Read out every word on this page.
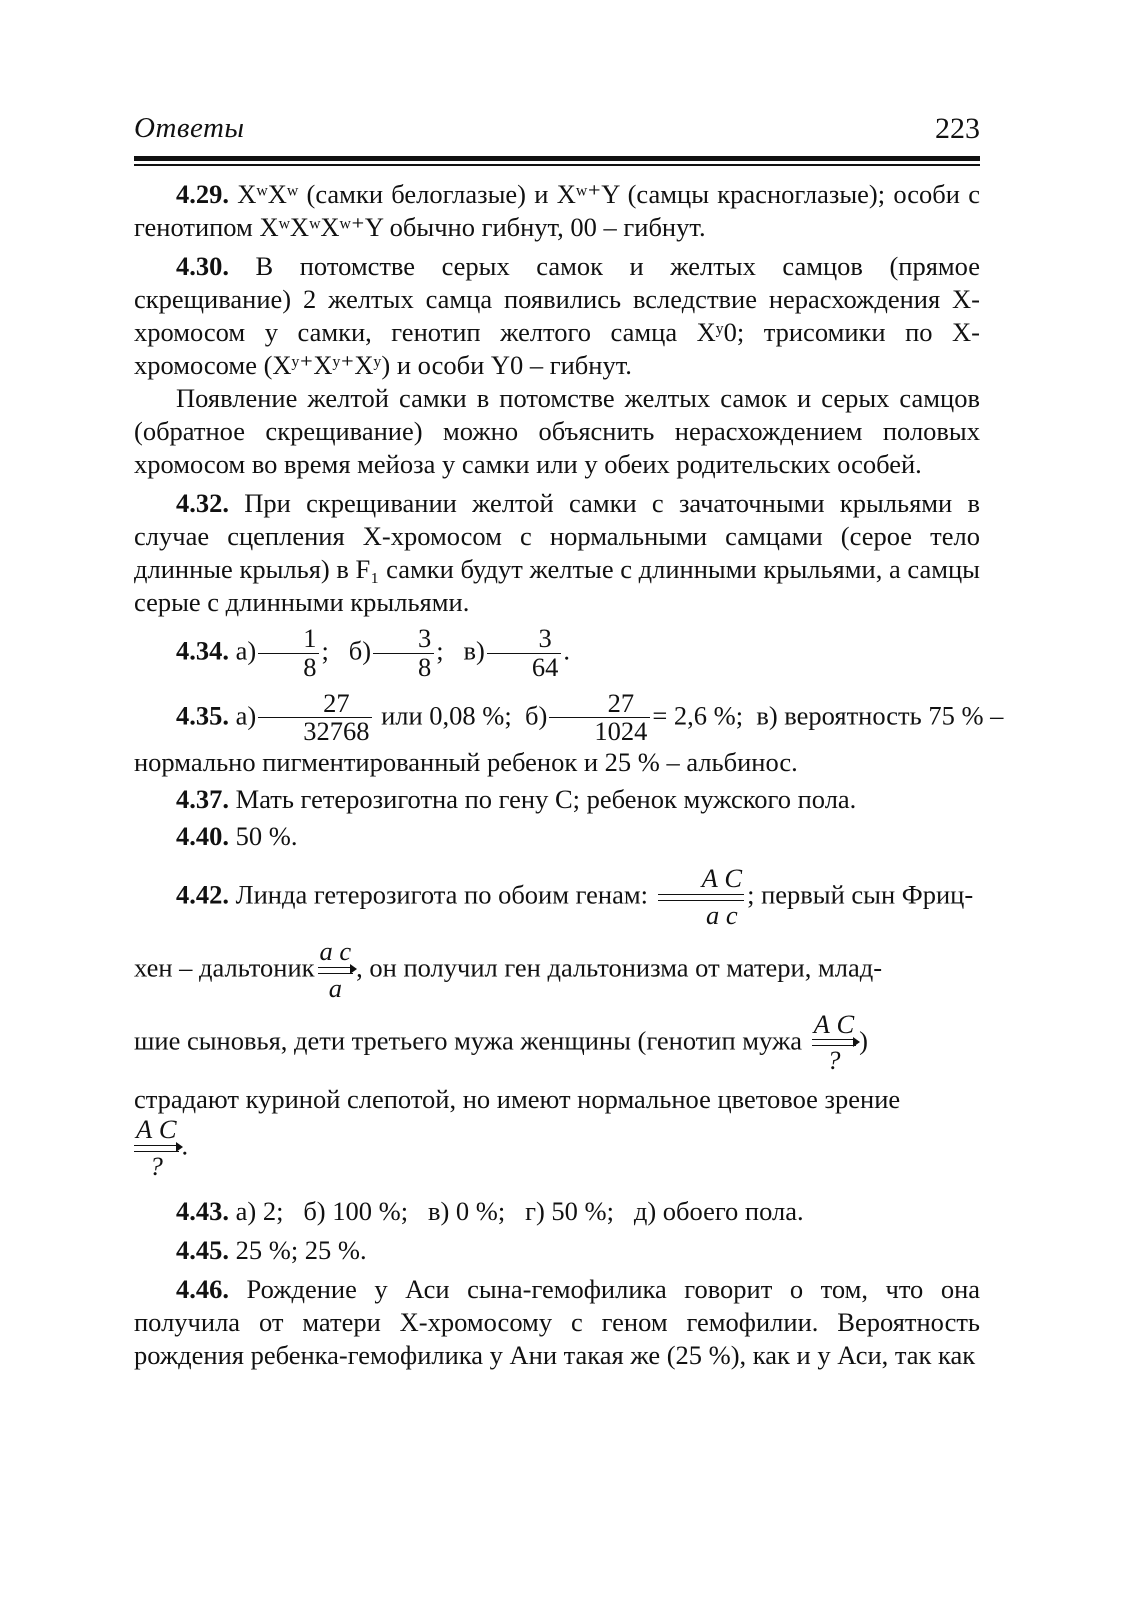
Ответы	223

4.29. XʷXʷ (самки белоглазые) и Xʷ⁺Y (самцы красноглазые); особи с генотипом XʷXʷXʷ⁺Y обычно гибнут, 00 – гибнут.

4.30. В потомстве серых самок и желтых самцов (прямое скрещивание) 2 желтых самца появились вследствие нерасхождения X-хромосом у самки, генотип желтого самца Xʸ0; трисомики по X-хромосоме (Xʸ⁺Xʸ⁺Xʸ) и особи Y0 – гибнут.

Появление желтой самки в потомстве желтых самок и серых самцов (обратное скрещивание) можно объяснить нерасхождением половых хромосом во время мейоза у самки или у обеих родительских особей.

4.32. При скрещивании желтой самки с зачаточными крыльями в случае сцепления X-хромосом с нормальными самцами (серое тело длинные крылья) в F₁ самки будут желтые с длинными крыльями, а самцы серые с длинными крыльями.

4.34. $а) \frac{1}{8}$ ; $б) \frac{3}{8}$ ; $в) \frac{3}{64}$ .

4.35. $а) \frac{27}{32768}$ или 0,08 %; $б) \frac{27}{1024} = 2,6$ %; в) вероятность 75 % –

нормально пигментированный ребенок и 25 % – альбинос.

4.37. Мать гетерозиготна по гену C; ребенок мужского пола.

4.40. 50 %.

4.42. Линда гетерозигота по обоим генам:
A C
a c
; первый сын Фриц-

хен – дальтоник
a c
a
, он получил ген дальтонизма от матери, млад-

шие сыновья, дети третьего мужа женщины (генотип мужа
A C
?
)

страдают куриной слепотой, но имеют нормальное цветовое зрение

A C
?
.

4.43. а) 2;   б) 100 %;   в) 0 %;   г) 50 %;   д) обоего пола.

4.45. 25 %; 25 %.

4.46. Рождение у Аси сына-гемофилика говорит о том, что она получила от матери X-хромосому с геном гемофилии. Вероятность рождения ребенка-гемофилика у Ани такая же (25 %), как и у Аси, так как
